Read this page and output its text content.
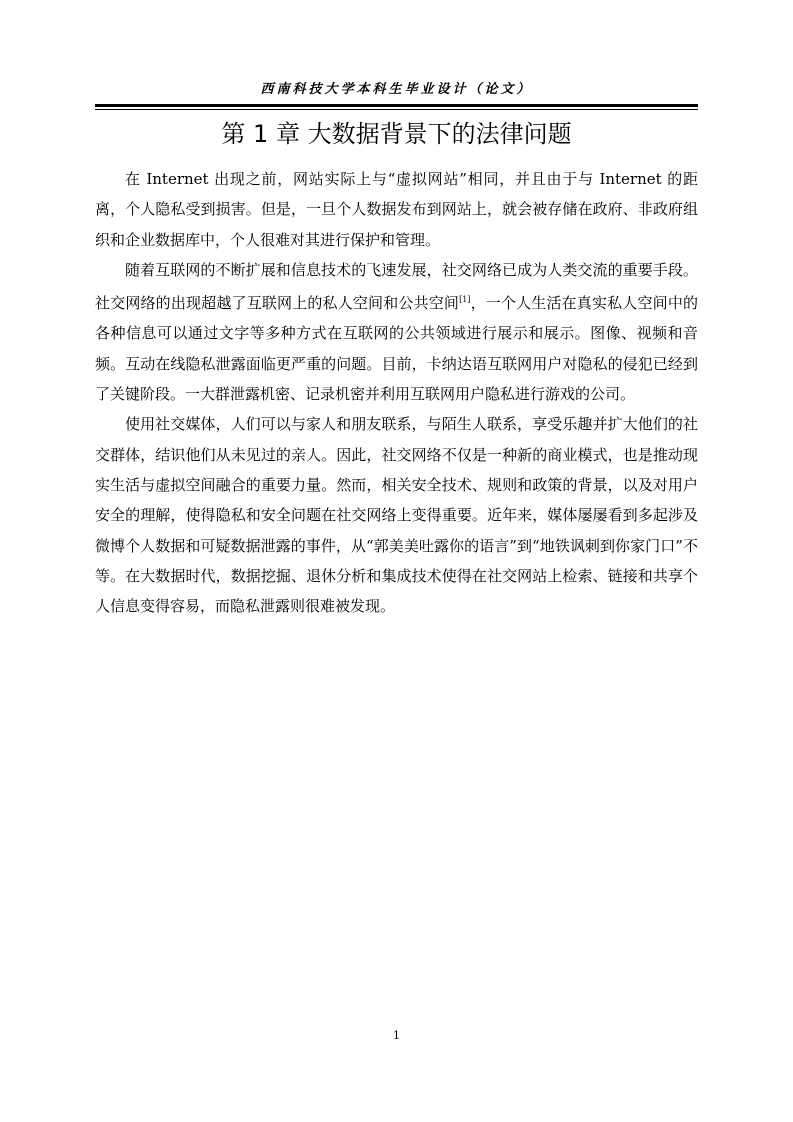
西南科技大学本科生毕业设计（论文）
第 1 章 大数据背景下的法律问题

在 Internet 出现之前，网站实际上与“虚拟网站”相同，并且由于与 Internet 的距离，个人隐私受到损害。但是，一旦个人数据发布到网站上，就会被存储在政府、非政府组织和企业数据库中，个人很难对其进行保护和管理。

随着互联网的不断扩展和信息技术的飞速发展，社交网络已成为人类交流的重要手段。社交网络的出现超越了互联网上的私人空间和公共空间[1]，一个人生活在真实私人空间中的各种信息可以通过文字等多种方式在互联网的公共领域进行展示和展示。图像、视频和音频。互动在线隐私泄露面临更严重的问题。目前，卡纳达语互联网用户对隐私的侵犯已经到了关键阶段。一大群泄露机密、记录机密并利用互联网用户隐私进行游戏的公司。

使用社交媒体，人们可以与家人和朋友联系，与陌生人联系，享受乐趣并扩大他们的社交群体，结识他们从未见过的亲人。因此，社交网络不仅是一种新的商业模式，也是推动现实生活与虚拟空间融合的重要力量。然而，相关安全技术、规则和政策的背景，以及对用户安全的理解，使得隐私和安全问题在社交网络上变得重要。近年来，媒体屡屡看到多起涉及微博个人数据和可疑数据泄露的事件，从“郭美美吐露你的语言”到“地铁讽刺到你家门口”不等。在大数据时代，数据挖掘、退休分析和集成技术使得在社交网站上检索、链接和共享个人信息变得容易，而隐私泄露则很难被发现。

1
